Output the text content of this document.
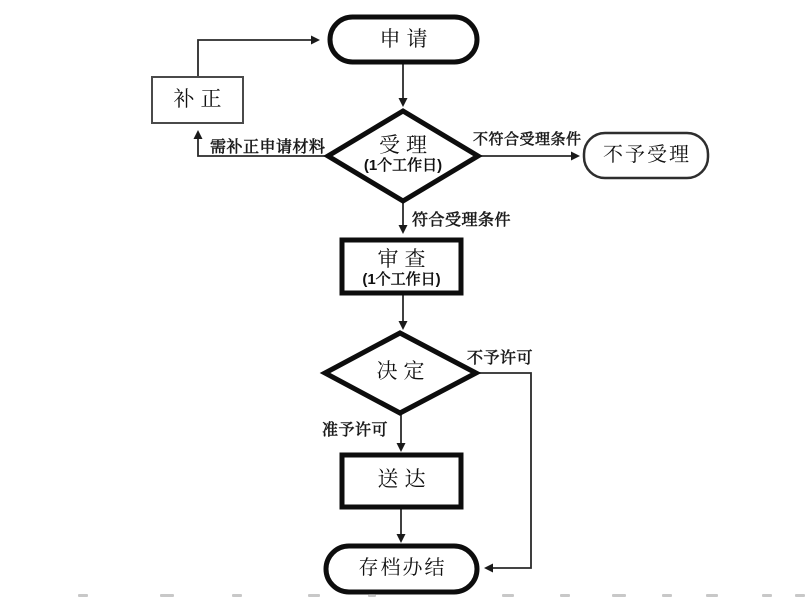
申请
补正
受理
(1个工作日)	不予受理
审查
(1个工作日)
决定
送达
存档办结
需补正申请材料	不符合受理条件
符合受理条件
不予许可
准予许可
